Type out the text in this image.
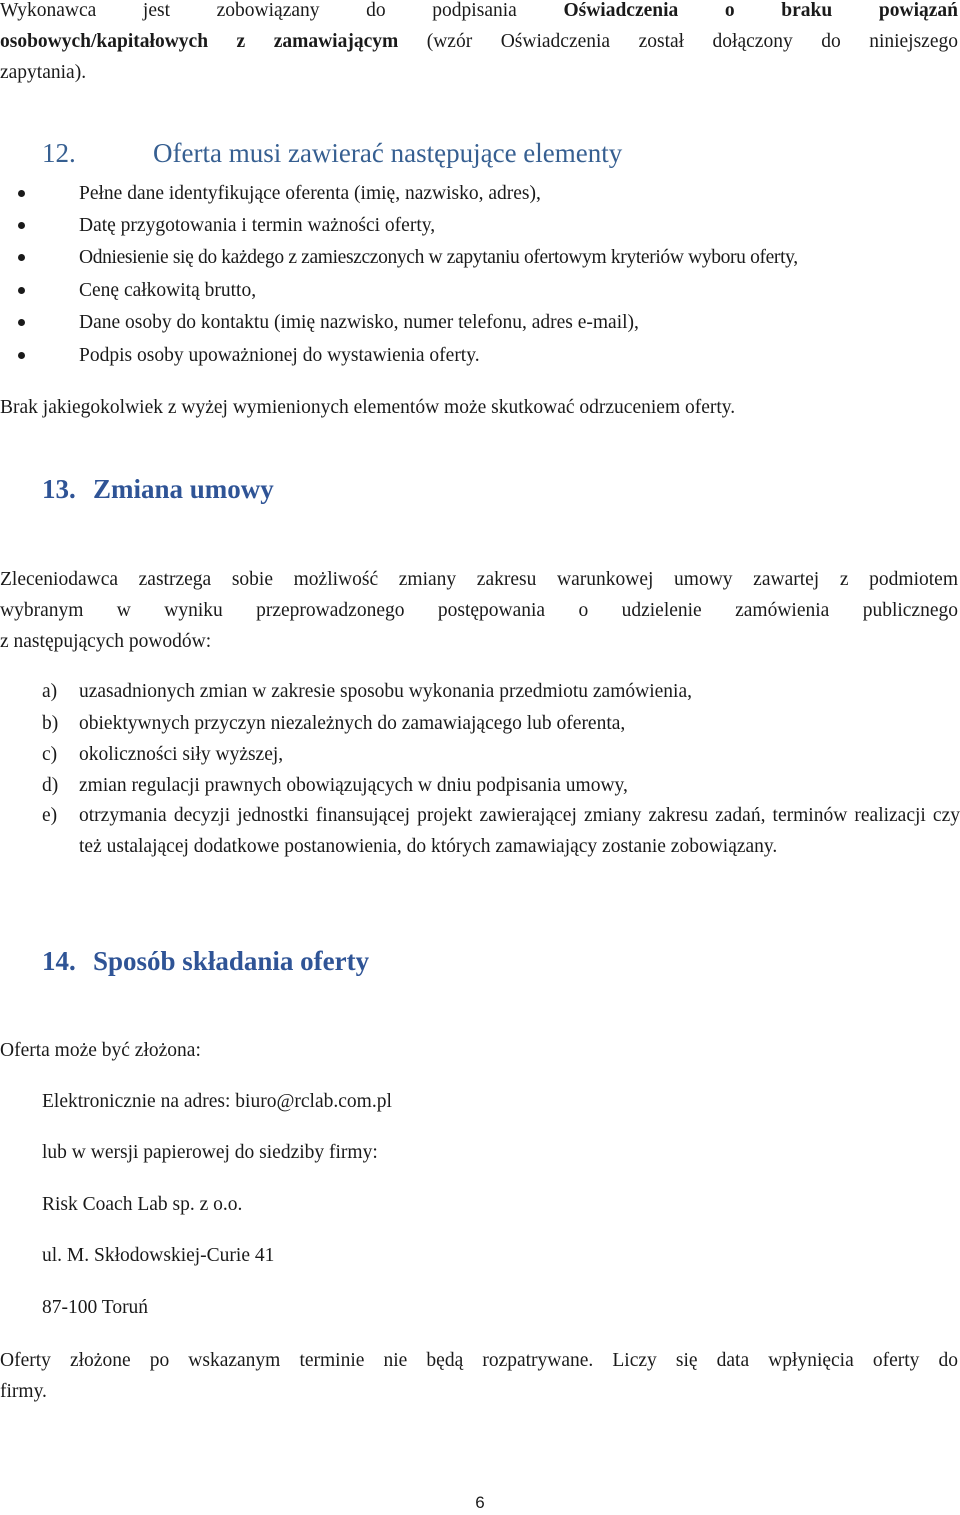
Wykonawca jest zobowiązany do podpisania Oświadczenia o braku powiązań
osobowych/kapitałowych z zamawiającym (wzór Oświadczenia został dołączony do niniejszego
zapytania).
12.	Oferta musi zawierać następujące elementy
Pełne dane identyfikujące oferenta (imię, nazwisko, adres),
Datę przygotowania i termin ważności oferty,
Odniesienie się do każdego z zamieszczonych w zapytaniu ofertowym kryteriów wyboru oferty,
Cenę całkowitą brutto,
Dane osoby do kontaktu (imię nazwisko, numer telefonu, adres e-mail),
Podpis osoby upoważnionej do wystawienia oferty.
Brak jakiegokolwiek z wyżej wymienionych elementów może skutkować odrzuceniem oferty.
13. Zmiana umowy
Zleceniodawca zastrzega sobie możliwość zmiany zakresu warunkowej umowy zawartej z podmiotem
wybranym w wyniku przeprowadzonego postępowania o udzielenie zamówienia publicznego
z następujących powodów:
a) uzasadnionych zmian w zakresie sposobu wykonania przedmiotu zamówienia,
b) obiektywnych przyczyn niezależnych do zamawiającego lub oferenta,
c) okoliczności siły wyższej,
d) zmian regulacji prawnych obowiązujących w dniu podpisania umowy,
e) otrzymania decyzji jednostki finansującej projekt zawierającej zmiany zakresu zadań, terminów realizacji czy też ustalającej dodatkowe postanowienia, do których zamawiający zostanie zobowiązany.
14. Sposób składania oferty
Oferta może być złożona:
Elektronicznie na adres: biuro@rclab.com.pl
lub w wersji papierowej do siedziby firmy:
Risk Coach Lab sp. z o.o.
ul. M. Skłodowskiej-Curie 41
87-100 Toruń
Oferty złożone po wskazanym terminie nie będą rozpatrywane. Liczy się data wpłynięcia oferty do
firmy.
6
